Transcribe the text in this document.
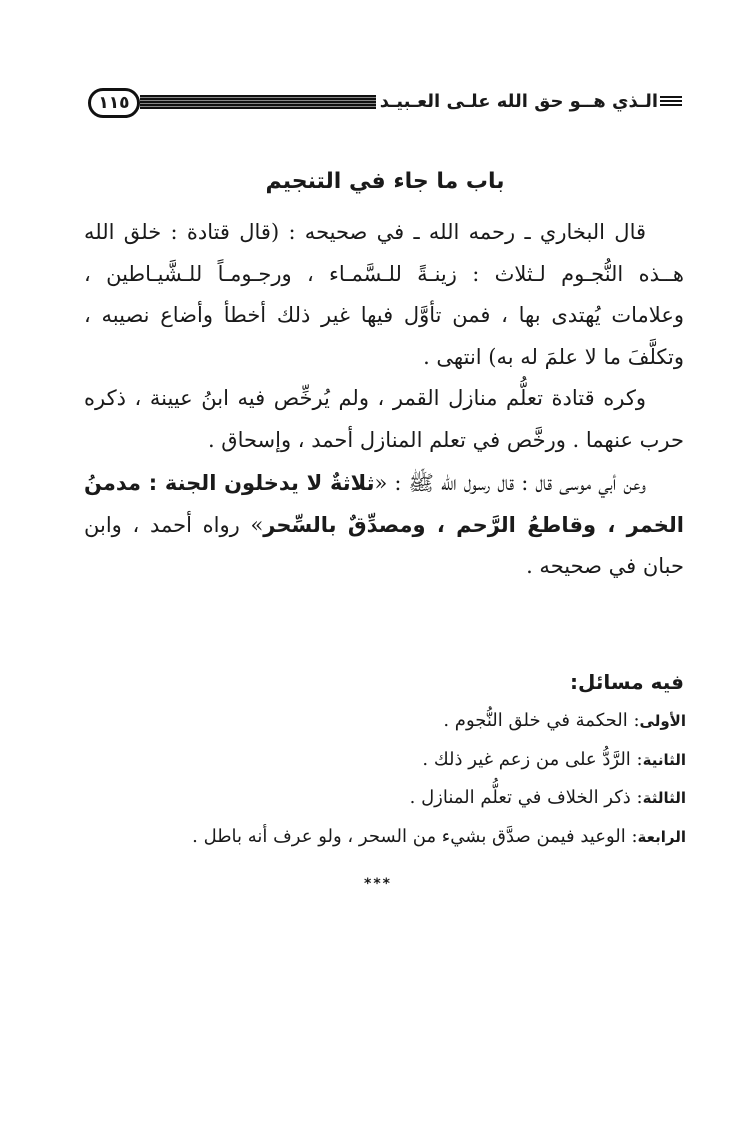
١١٥	الـذي هــو حق الله علـى العـبيـد
باب ما جاء في التنجيم

قال البخاري ـ رحمه الله ـ في صحيحه : (قال قتادة : خلق الله هــذه النُّجـوم لـثلاث : زينـةً للـسَّمـاء ، ورجـومـاً للـشَّيـاطين ، وعلامات يُهتدى بها ، فمن تأوَّل فيها غير ذلك أخطأ وأضاع نصيبه ، وتكلَّفَ ما لا علمَ له به) انتهى .

وكره قتادة تعلُّم منازل القمر ، ولم يُرخِّص فيه ابنُ عيينة ، ذكره حرب عنهما . ورخَّص في تعلم المنازل أحمد ، وإسحاق .

وعن أبي موسى قال : قال رسول الله ﷺ : «ثلاثةٌ لا يدخلون الجنة : مدمنُ الخمر ، وقاطعُ الرَّحم ، ومصدِّقٌ بالسِّحر» رواه أحمد ، وابن حبان في صحيحه .

فيه مسائل:

الأولى: الحكمة في خلق النُّجوم .

الثانية: الرَّدُّ على من زعم غير ذلك .

الثالثة: ذكر الخلاف في تعلُّم المنازل .

الرابعة: الوعيد فيمن صدَّق بشيء من السحر ، ولو عرف أنه باطل .

***
